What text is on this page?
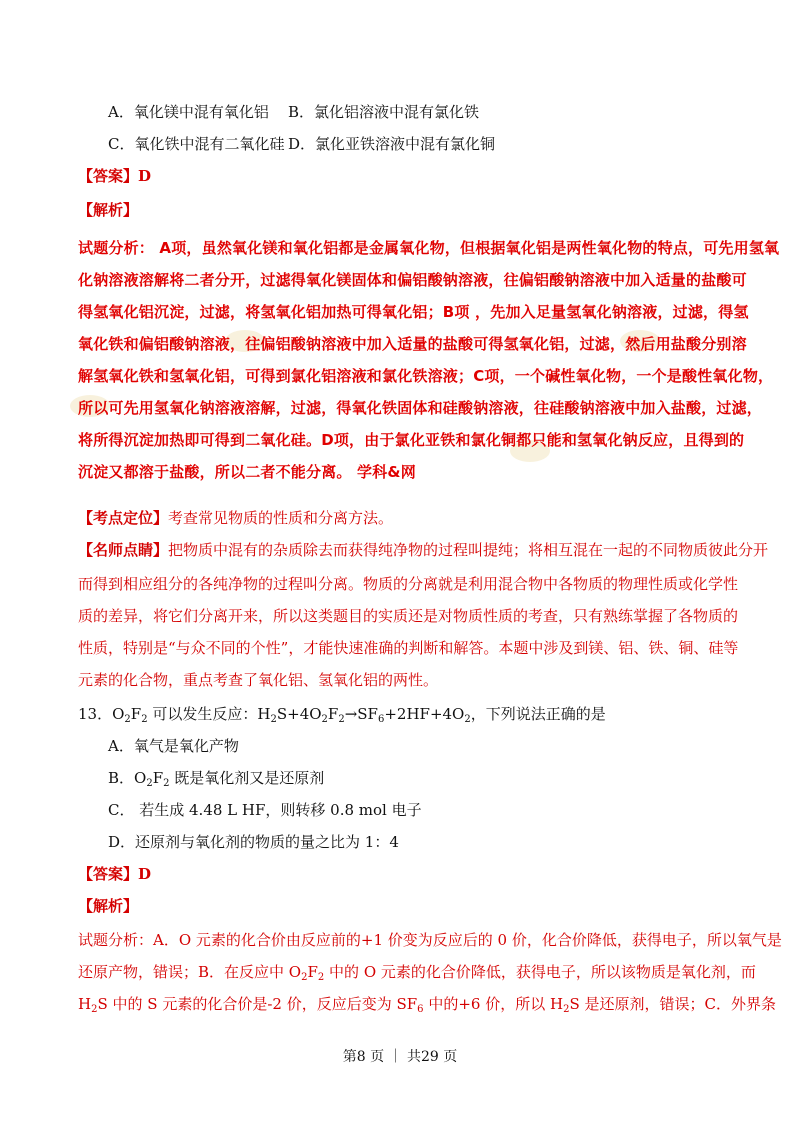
A．氧化镁中混有氧化铝 B．氯化铝溶液中混有氯化铁
C．氧化铁中混有二氧化硅 D．氯化亚铁溶液中混有氯化铜
【答案】D
【解析】
试题分析： A项，虽然氧化镁和氧化铝都是金属氧化物，但根据氧化铝是两性氧化物的特点，可先用氢氧
化钠溶液溶解将二者分开，过滤得氧化镁固体和偏铝酸钠溶液，往偏铝酸钠溶液中加入适量的盐酸可
得氢氧化铝沉淀，过滤，将氢氧化铝加热可得氧化铝；B项 ，先加入足量氢氧化钠溶液，过滤，得氢
氧化铁和偏铝酸钠溶液，往偏铝酸钠溶液中加入适量的盐酸可得氢氧化铝，过滤，然后用盐酸分别溶
解氢氧化铁和氢氧化铝，可得到氯化铝溶液和氯化铁溶液；C项，一个碱性氧化物，一个是酸性氧化物，
所以可先用氢氧化钠溶液溶解，过滤，得氧化铁固体和硅酸钠溶液，往硅酸钠溶液中加入盐酸，过滤，
将所得沉淀加热即可得到二氧化硅。D项，由于氯化亚铁和氯化铜都只能和氢氧化钠反应，且得到的
沉淀又都溶于盐酸，所以二者不能分离。 学科&网
【考点定位】考查常见物质的性质和分离方法。
【名师点睛】把物质中混有的杂质除去而获得纯净物的过程叫提纯；将相互混在一起的不同物质彼此分开
而得到相应组分的各纯净物的过程叫分离。物质的分离就是利用混合物中各物质的物理性质或化学性
质的差异，将它们分离开来，所以这类题目的实质还是对物质性质的考查，只有熟练掌握了各物质的
性质，特别是“与众不同的个性”，才能快速准确的判断和解答。本题中涉及到镁、铝、铁、铜、硅等
元素的化合物，重点考查了氧化铝、氢氧化铝的两性。
13．$O_2F_2$ 可以发生反应：$H_2S+4O_2F_2\to SF_6+2HF+4O_2$，下列说法正确的是
A．氧气是氧化产物
B．$O_2F_2$ 既是氧化剂又是还原剂
C． 若生成 4.48 L HF，则转移 0.8 mol 电子
D．还原剂与氧化剂的物质的量之比为 1：4
【答案】D
【解析】
试题分析：A．O 元素的化合价由反应前的+1 价变为反应后的 0 价，化合价降低，获得电子，所以氧气是
还原产物，错误；B．在反应中 $O_2F_2$ 中的 O 元素的化合价降低，获得电子，所以该物质是氧化剂，而
$H_2S$ 中的 S 元素的化合价是-2 价，反应后变为 $SF_6$ 中的+6 价，所以 $H_2S$ 是还原剂，错误；C．外界条
第8 页 ｜ 共29 页
